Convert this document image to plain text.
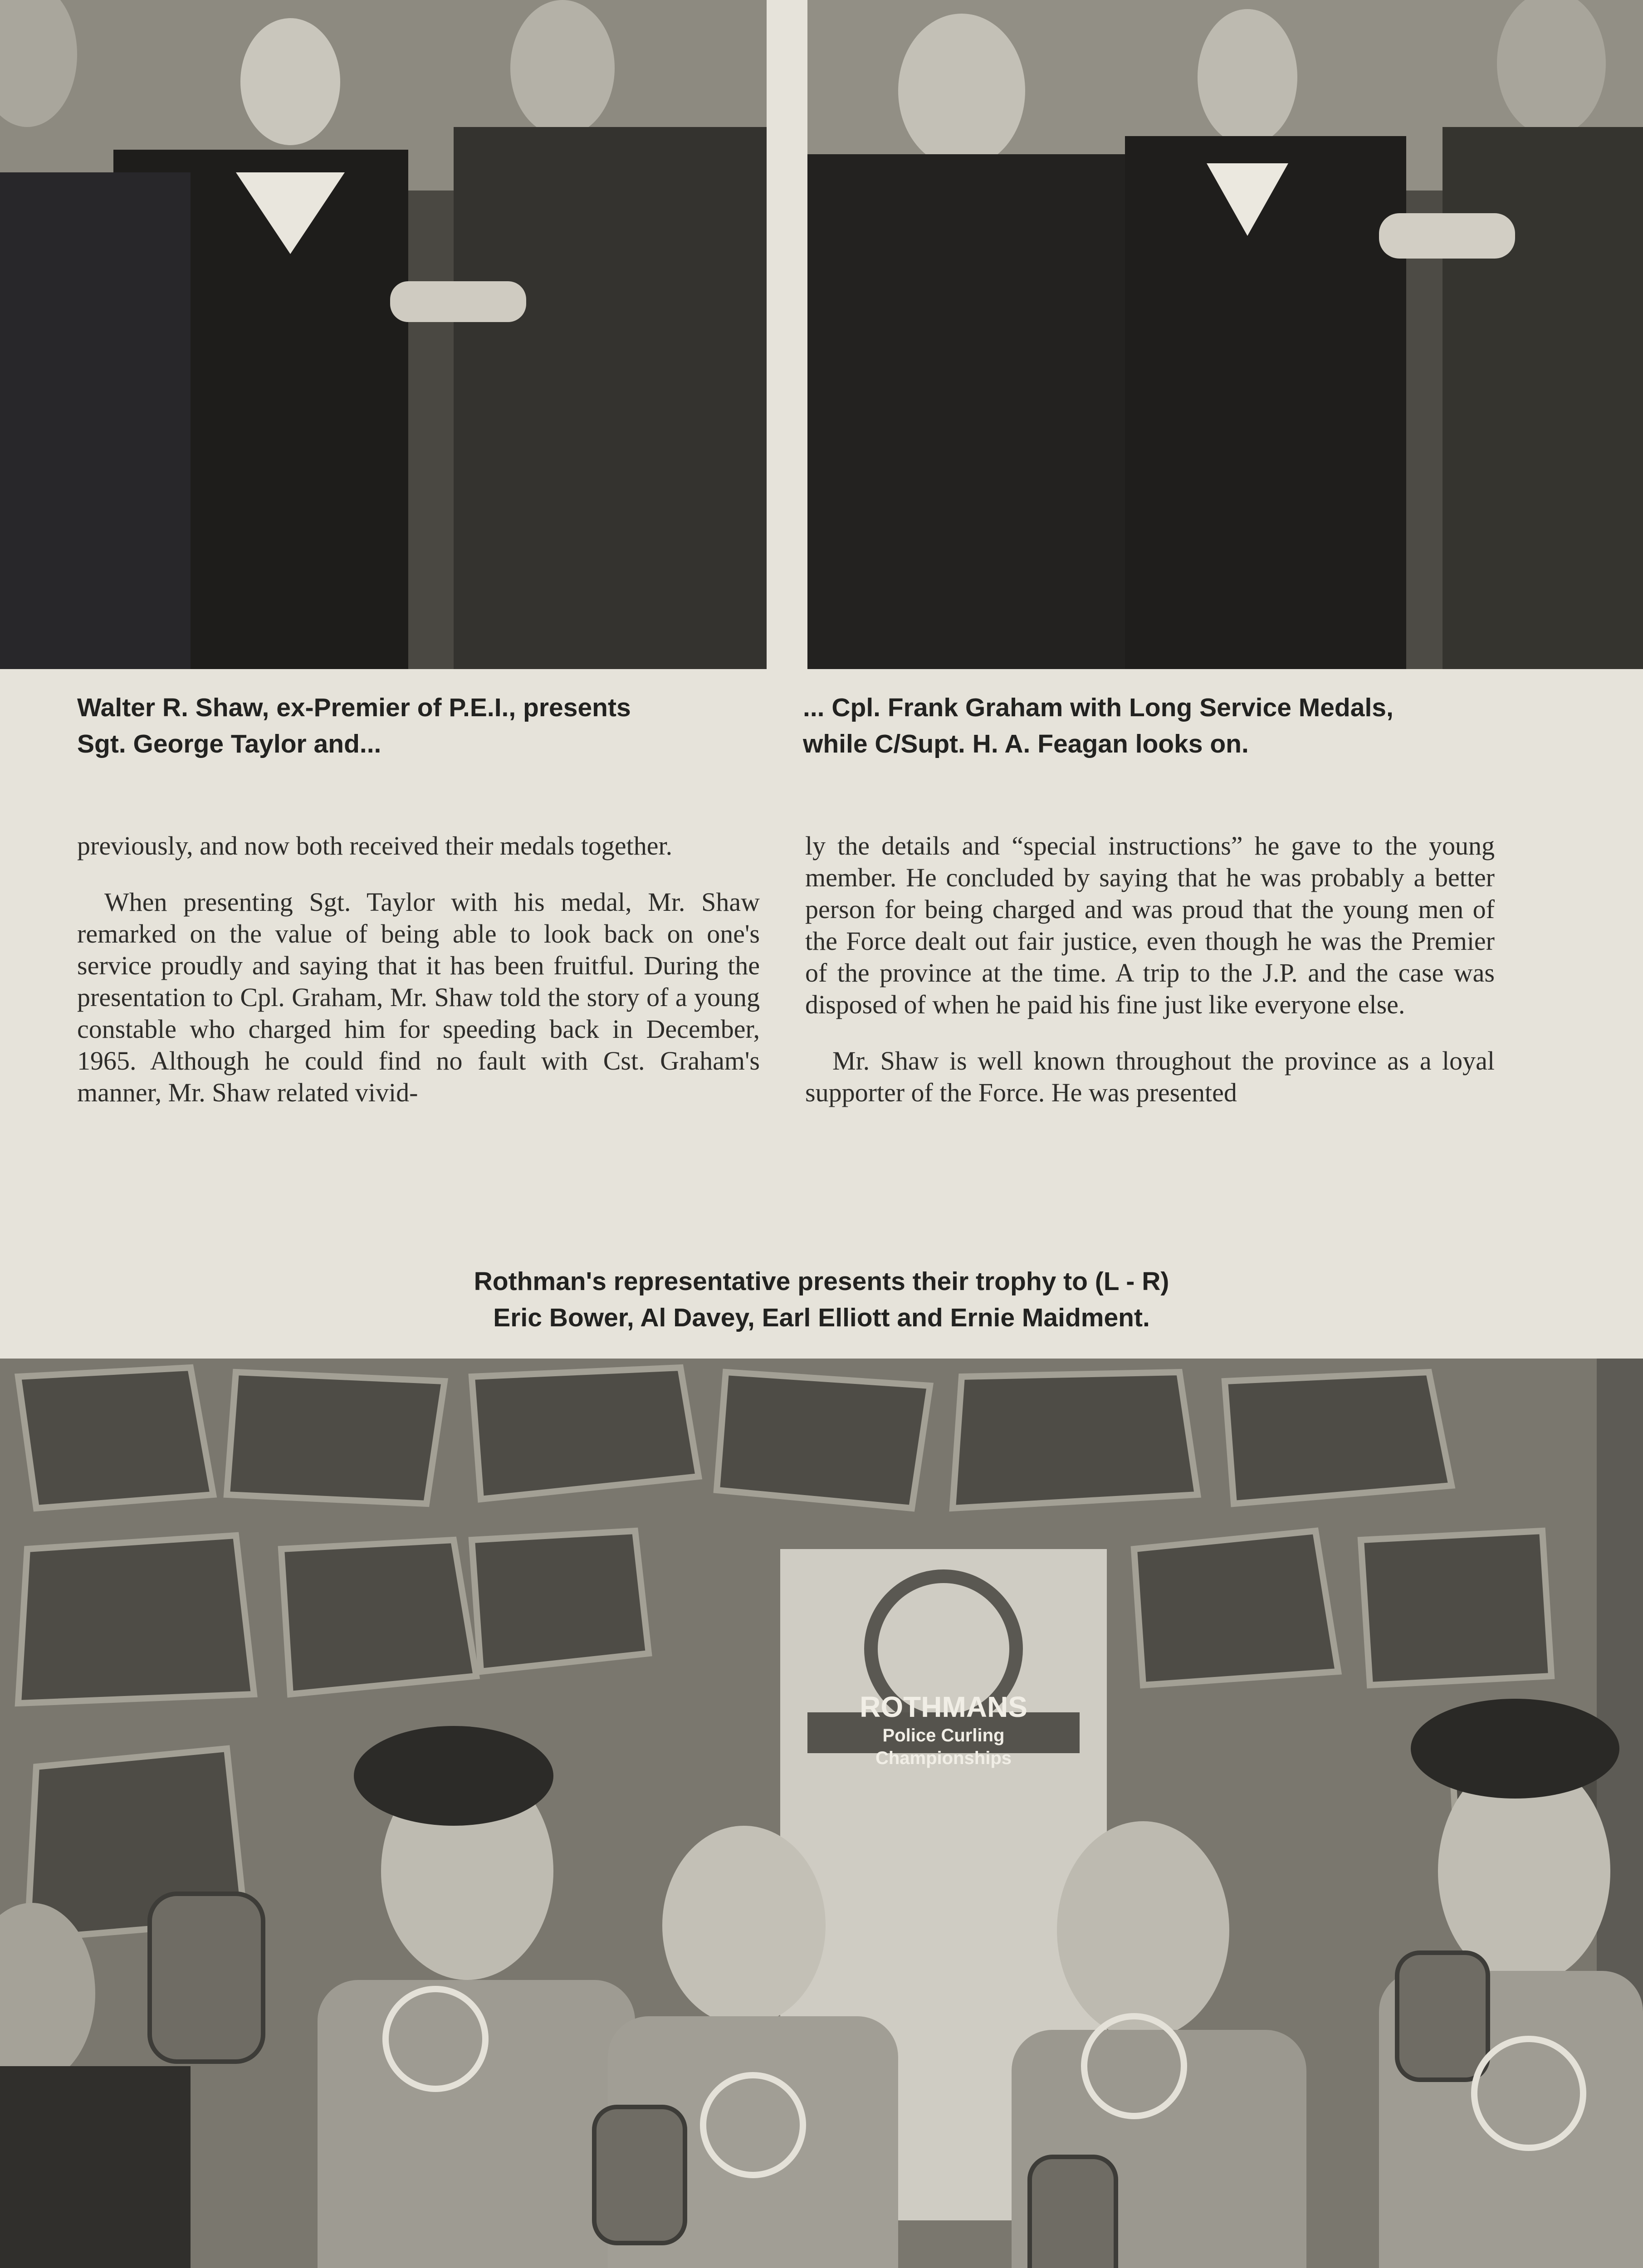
Walter R. Shaw, ex-Premier of P.E.I., presents
Sgt. George Taylor and...

... Cpl. Frank Graham with Long Service Medals,
while C/Supt. H. A. Feagan looks on.

previously, and now both received their medals together.

When presenting Sgt. Taylor with his medal, Mr. Shaw remarked on the value of being able to look back on one's service proudly and saying that it has been fruitful. During the presentation to Cpl. Graham, Mr. Shaw told the story of a young constable who charged him for speeding back in December, 1965. Although he could find no fault with Cst. Graham's manner, Mr. Shaw related vivid-

ly the details and “special instructions” he gave to the young member. He concluded by saying that he was probably a better person for being charged and was proud that the young men of the Force dealt out fair justice, even though he was the Premier of the province at the time. A trip to the J.P. and the case was disposed of when he paid his fine just like everyone else.

Mr. Shaw is well known throughout the province as a loyal supporter of the Force. He was presented

Rothman's representative presents their trophy to (L - R)
Eric Bower, Al Davey, Earl Elliott and Ernie Maidment.

ROTHMANS
Police Curling
Championships
